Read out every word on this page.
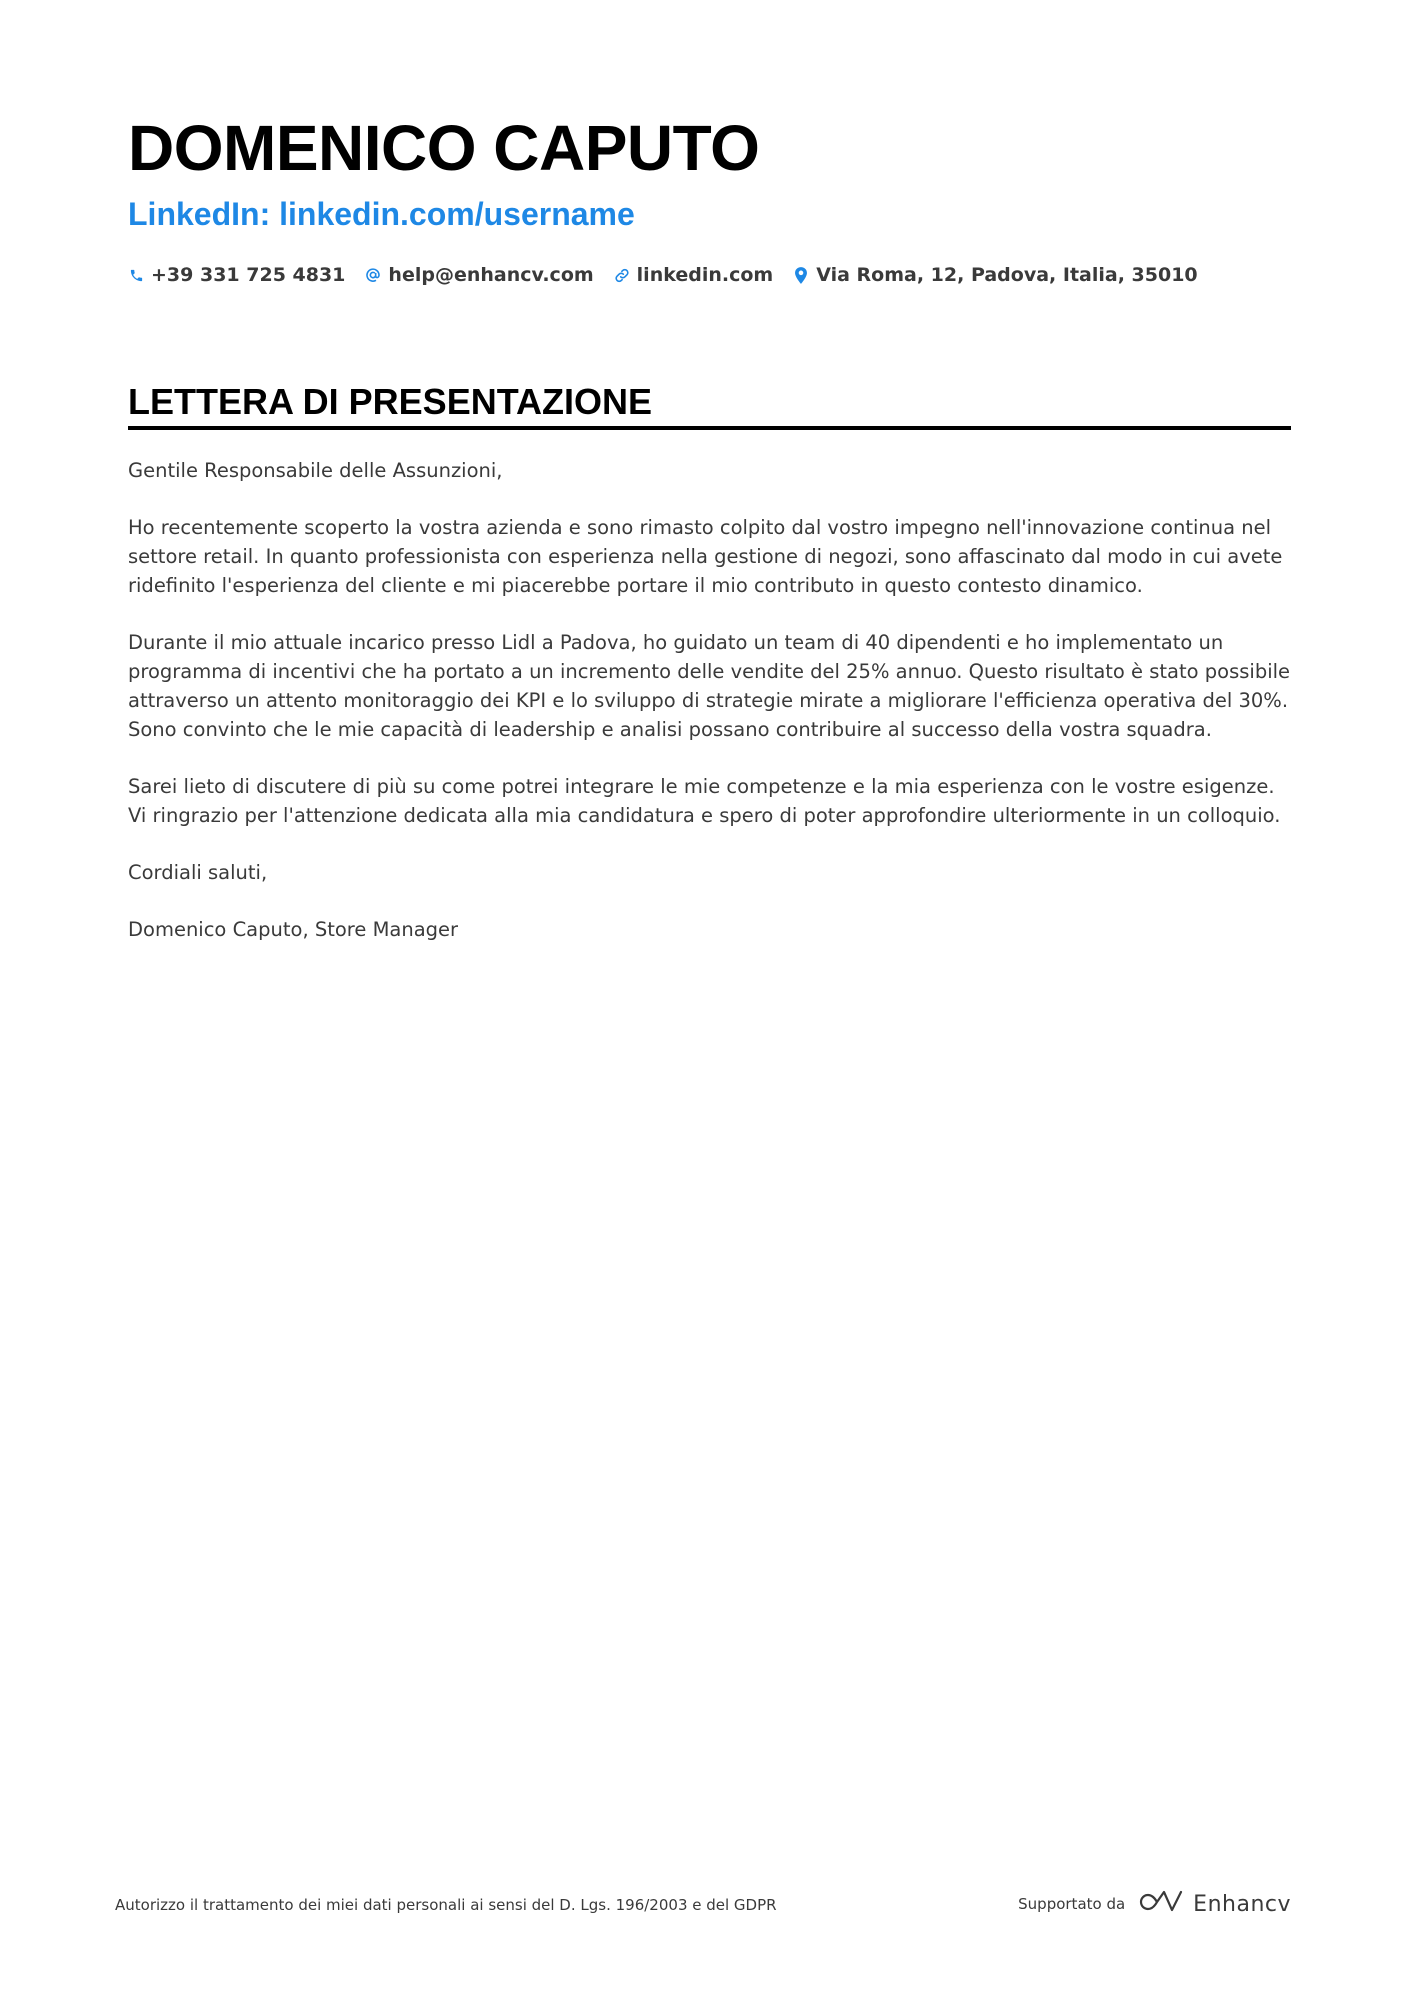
DOMENICO CAPUTO
LinkedIn: linkedin.com/username
+39 331 725 4831 help@enhancv.com linkedin.com Via Roma, 12, Padova, Italia, 35010
LETTERA DI PRESENTAZIONE

Gentile Responsabile delle Assunzioni,

Ho recentemente scoperto la vostra azienda e sono rimasto colpito dal vostro impegno nell'innovazione continua nel settore retail. In quanto professionista con esperienza nella gestione di negozi, sono affascinato dal modo in cui avete ridefinito l'esperienza del cliente e mi piacerebbe portare il mio contributo in questo contesto dinamico.

Durante il mio attuale incarico presso Lidl a Padova, ho guidato un team di 40 dipendenti e ho implementato un programma di incentivi che ha portato a un incremento delle vendite del 25% annuo. Questo risultato è stato possibile attraverso un attento monitoraggio dei KPI e lo sviluppo di strategie mirate a migliorare l'efficienza operativa del 30%. Sono convinto che le mie capacità di leadership e analisi possano contribuire al successo della vostra squadra.

Sarei lieto di discutere di più su come potrei integrare le mie competenze e la mia esperienza con le vostre esigenze. Vi ringrazio per l'attenzione dedicata alla mia candidatura e spero di poter approfondire ulteriormente in un colloquio.

Cordiali saluti,

Domenico Caputo, Store Manager

Autorizzo il trattamento dei miei dati personali ai sensi del D. Lgs. 196/2003 e del GDPR	Supportato da	Enhancv
